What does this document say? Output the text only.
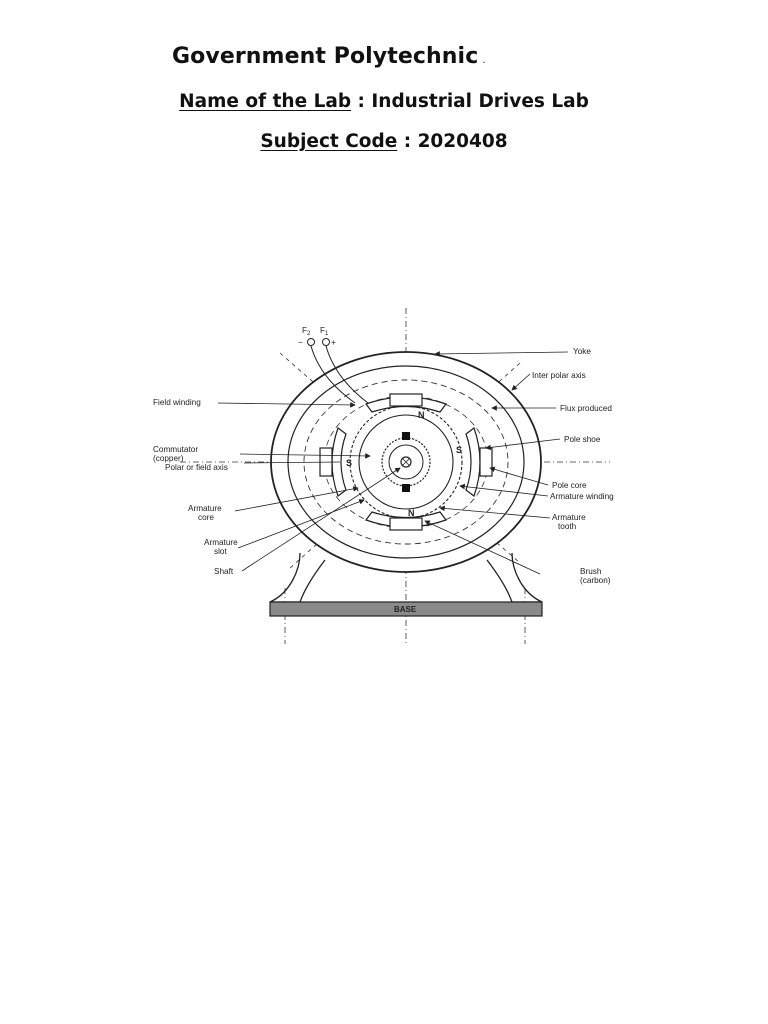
Government Polytechnic .
Name of the Lab : Industrial Drives Lab
Subject Code : 2020408
N
S
S
N
$F_2$ $F_1$
−	+
BASE
Yoke
Inter polar axis
Flux produced
Pole shoe
Pole core
Armature winding
Armature
tooth
Brush
(carbon)
Field winding
Commutator
(copper)
Polar or field axis
Armature
core
Armature
slot
Shaft
